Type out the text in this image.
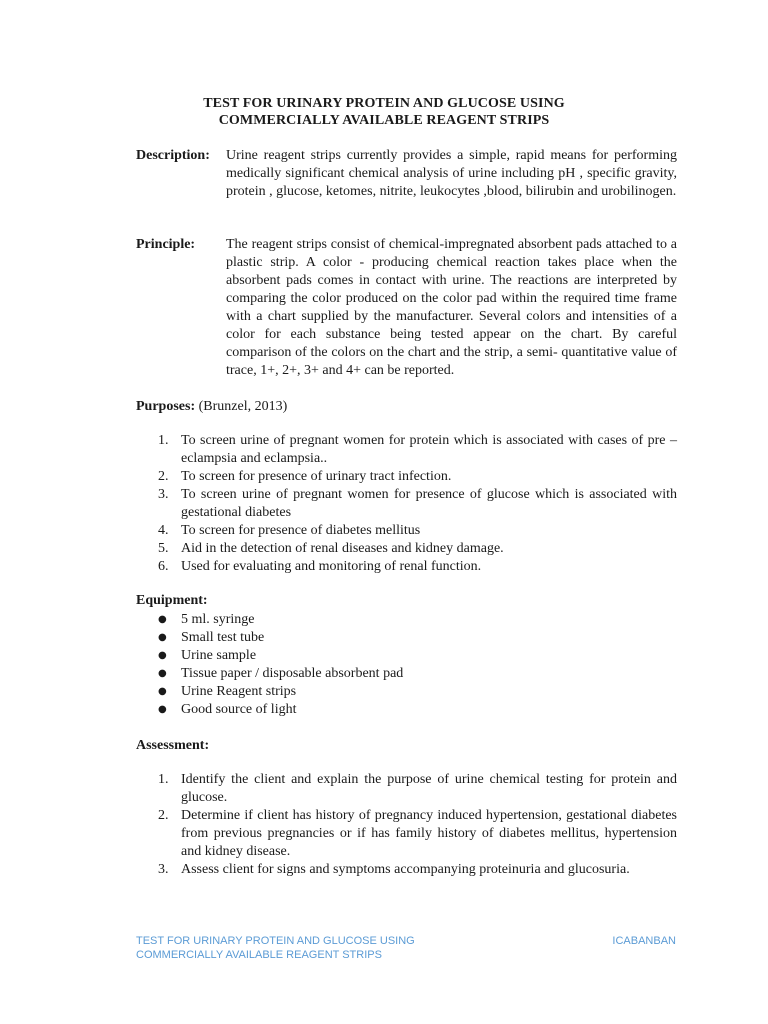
TEST FOR URINARY PROTEIN AND GLUCOSE USING
COMMERCIALLY AVAILABLE REAGENT STRIPS
Description: Urine reagent strips currently provides a simple, rapid means for performing medically significant chemical analysis of urine including pH , specific gravity, protein , glucose, ketomes, nitrite, leukocytes ,blood, bilirubin and urobilinogen.
Principle: The reagent strips consist of chemical-impregnated absorbent pads attached to a plastic strip. A color - producing chemical reaction takes place when the absorbent pads comes in contact with urine. The reactions are interpreted by comparing the color produced on the color pad within the required time frame with a chart supplied by the manufacturer. Several colors and intensities of a color for each substance being tested appear on the chart. By careful comparison of the colors on the chart and the strip, a semi- quantitative value of trace, 1+, 2+, 3+ and 4+ can be reported.
Purposes: (Brunzel, 2013)
1. To screen urine of pregnant women for protein which is associated with cases of pre –eclampsia and eclampsia..
2. To screen for presence of urinary tract infection.
3. To screen urine of pregnant women for presence of glucose which is associated with gestational diabetes
4. To screen for presence of diabetes mellitus
5. Aid in the detection of renal diseases and kidney damage.
6. Used for evaluating and monitoring of renal function.
Equipment:
● 5 ml. syringe
● Small test tube
● Urine sample
● Tissue paper / disposable absorbent pad
● Urine Reagent strips
● Good source of light
Assessment:
1. Identify the client and explain the purpose of urine chemical testing for protein and glucose.
2. Determine if client has history of pregnancy induced hypertension, gestational diabetes from previous pregnancies or if has family history of diabetes mellitus, hypertension and kidney disease.
3. Assess client for signs and symptoms accompanying proteinuria and glucosuria.
TEST FOR URINARY PROTEIN AND GLUCOSE USING
COMMERCIALLY AVAILABLE REAGENT STRIPS
ICABANBAN
